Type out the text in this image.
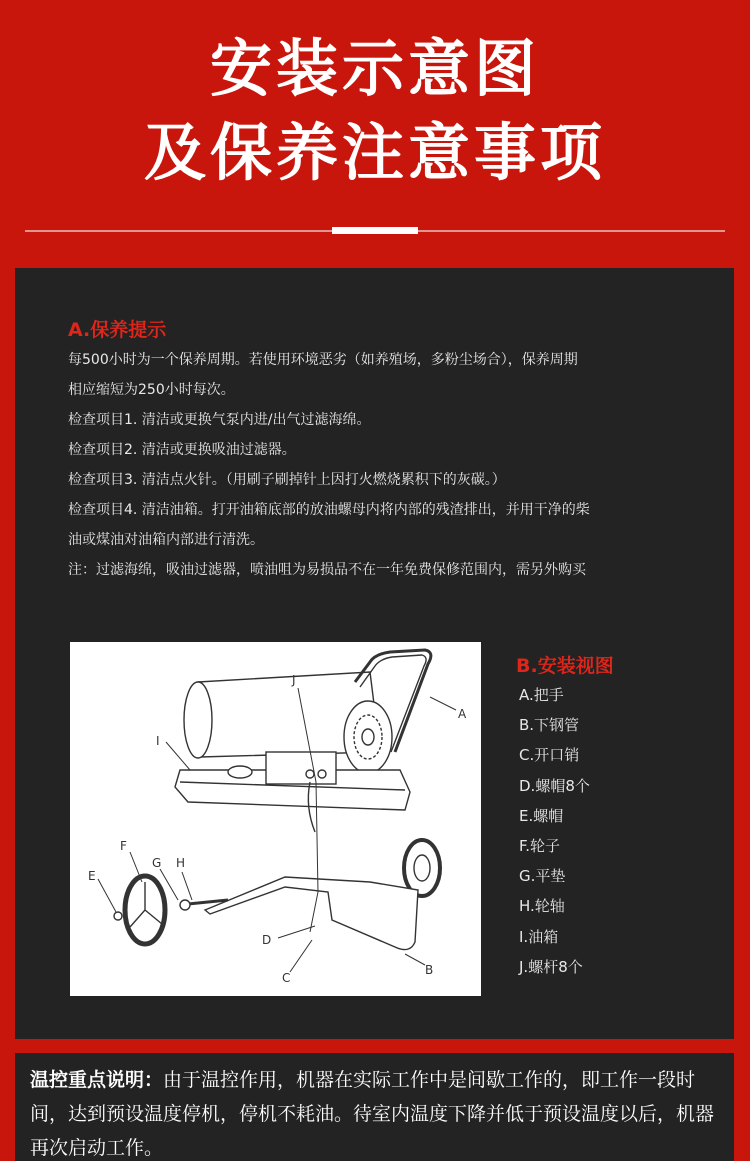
安装示意图
及保养注意事项
A.保养提示
每500小时为一个保养周期。若使用环境恶劣（如养殖场，多粉尘场合），保养周期
相应缩短为250小时每次。
检查项目1. 清洁或更换气泵内进/出气过滤海绵。
检查项目2. 清洁或更换吸油过滤器。
检查项目3. 清洁点火针。（用刷子刷掉针上因打火燃烧累积下的灰碳。）
检查项目4. 清洁油箱。打开油箱底部的放油螺母内将内部的残渣排出，并用干净的柴
油或煤油对油箱内部进行清洗。
注：过滤海绵，吸油过滤器，喷油咀为易损品不在一年免费保修范围内，需另外购买
A
B
C
D
E
F
G H
I
J
B.安装视图
A.把手
B.下钢管
C.开口销
D.螺帽8个
E.螺帽
F.轮子
G.平垫
H.轮轴
I.油箱
J.螺杆8个

温控重点说明：由于温控作用，机器在实际工作中是间歇工作的，即工作一段时间，达到预设温度停机，停机不耗油。待室内温度下降并低于预设温度以后，机器再次启动工作。
